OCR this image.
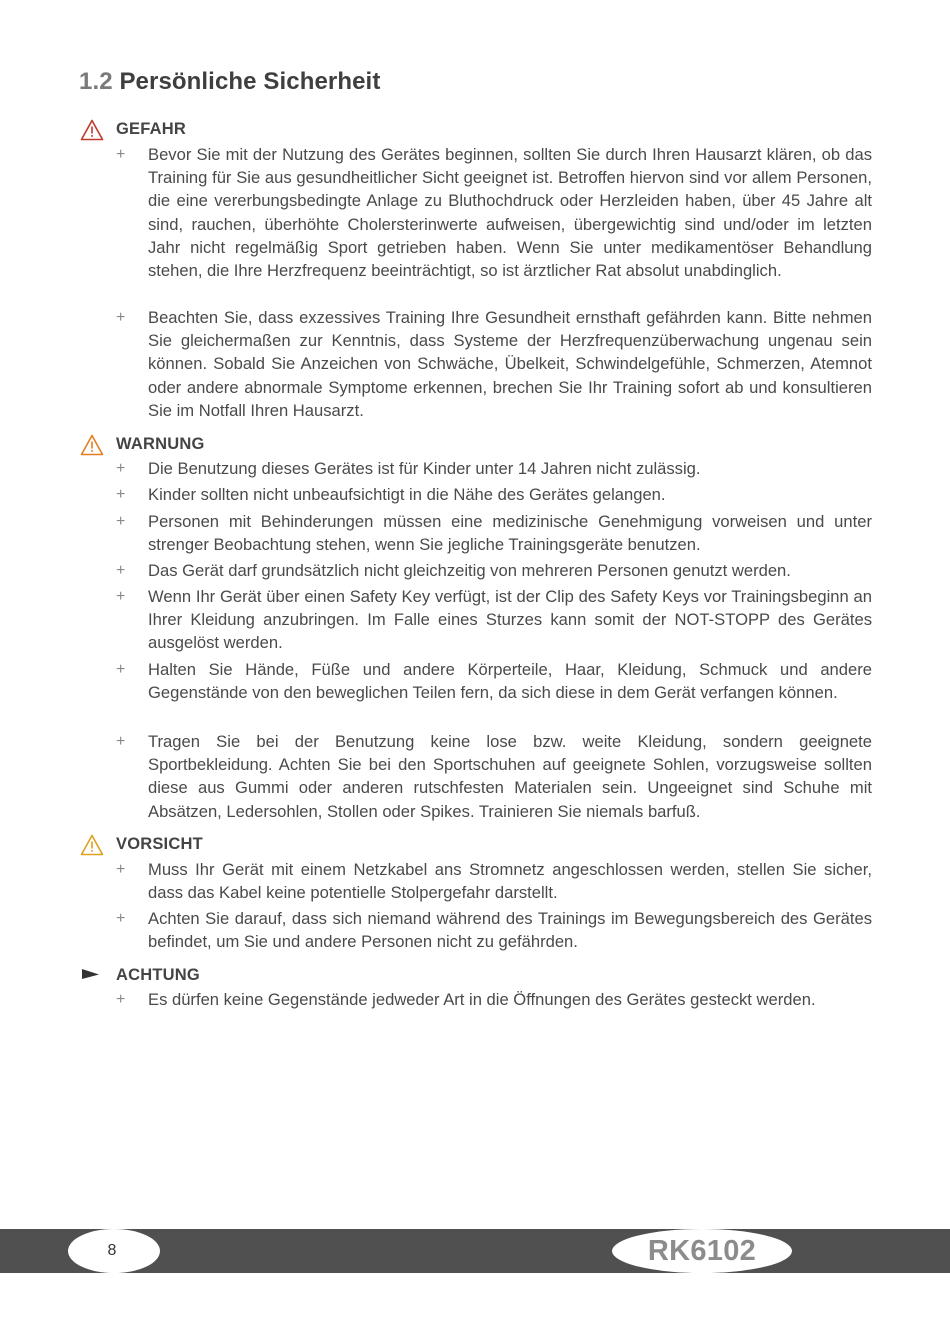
1.2 Persönliche Sicherheit
GEFAHR
+ Bevor Sie mit der Nutzung des Gerätes beginnen, sollten Sie durch Ihren Hausarzt klären, ob das Training für Sie aus gesundheitlicher Sicht geeignet ist. Betroffen hiervon sind vor allem Personen, die eine vererbungsbedingte Anlage zu Bluthochdruck oder Herzleiden haben, über 45 Jahre alt sind, rauchen, überhöhte Cholersterinwerte aufweisen, übergewichtig sind und/oder im letzten Jahr nicht regelmäßig Sport getrieben haben. Wenn Sie unter medikamentöser Behandlung stehen, die Ihre Herzfrequenz beeinträchtigt, so ist ärztlicher Rat absolut unabdinglich.
+ Beachten Sie, dass exzessives Training Ihre Gesundheit ernsthaft gefährden kann. Bitte nehmen Sie gleichermaßen zur Kenntnis, dass Systeme der Herzfrequenzüberwachung ungenau sein können. Sobald Sie Anzeichen von Schwäche, Übelkeit, Schwindelgefühle, Schmerzen, Atemnot oder andere abnormale Symptome erkennen, brechen Sie Ihr Training sofort ab und konsultieren Sie im Notfall Ihren Hausarzt.
WARNUNG
+ Die Benutzung dieses Gerätes ist für Kinder unter 14 Jahren nicht zulässig.
+ Kinder sollten nicht unbeaufsichtigt in die Nähe des Gerätes gelangen.
+ Personen mit Behinderungen müssen eine medizinische Genehmigung vorweisen und unter strenger Beobachtung stehen, wenn Sie jegliche Trainingsgeräte benutzen.
+ Das Gerät darf grundsätzlich nicht gleichzeitig von mehreren Personen genutzt werden.
+ Wenn Ihr Gerät über einen Safety Key verfügt, ist der Clip des Safety Keys vor Trainingsbeginn an Ihrer Kleidung anzubringen. Im Falle eines Sturzes kann somit der NOT-STOPP des Gerätes ausgelöst werden.
+ Halten Sie Hände, Füße und andere Körperteile, Haar, Kleidung, Schmuck und andere Gegenstände von den beweglichen Teilen fern, da sich diese in dem Gerät verfangen können.
+ Tragen Sie bei der Benutzung keine lose bzw. weite Kleidung, sondern geeignete Sportbekleidung. Achten Sie bei den Sportschuhen auf geeignete Sohlen, vorzugsweise sollten diese aus Gummi oder anderen rutschfesten Materialen sein. Ungeeignet sind Schuhe mit Absätzen, Ledersohlen, Stollen oder Spikes. Trainieren Sie niemals barfuß.
VORSICHT
+ Muss Ihr Gerät mit einem Netzkabel ans Stromnetz angeschlossen werden, stellen Sie sicher, dass das Kabel keine potentielle Stolpergefahr darstellt.
+ Achten Sie darauf, dass sich niemand während des Trainings im Bewegungsbereich des Gerätes befindet, um Sie und andere Personen nicht zu gefährden.
ACHTUNG
+ Es dürfen keine Gegenstände jedweder Art in die Öffnungen des Gerätes gesteckt werden.
8	RK6102
